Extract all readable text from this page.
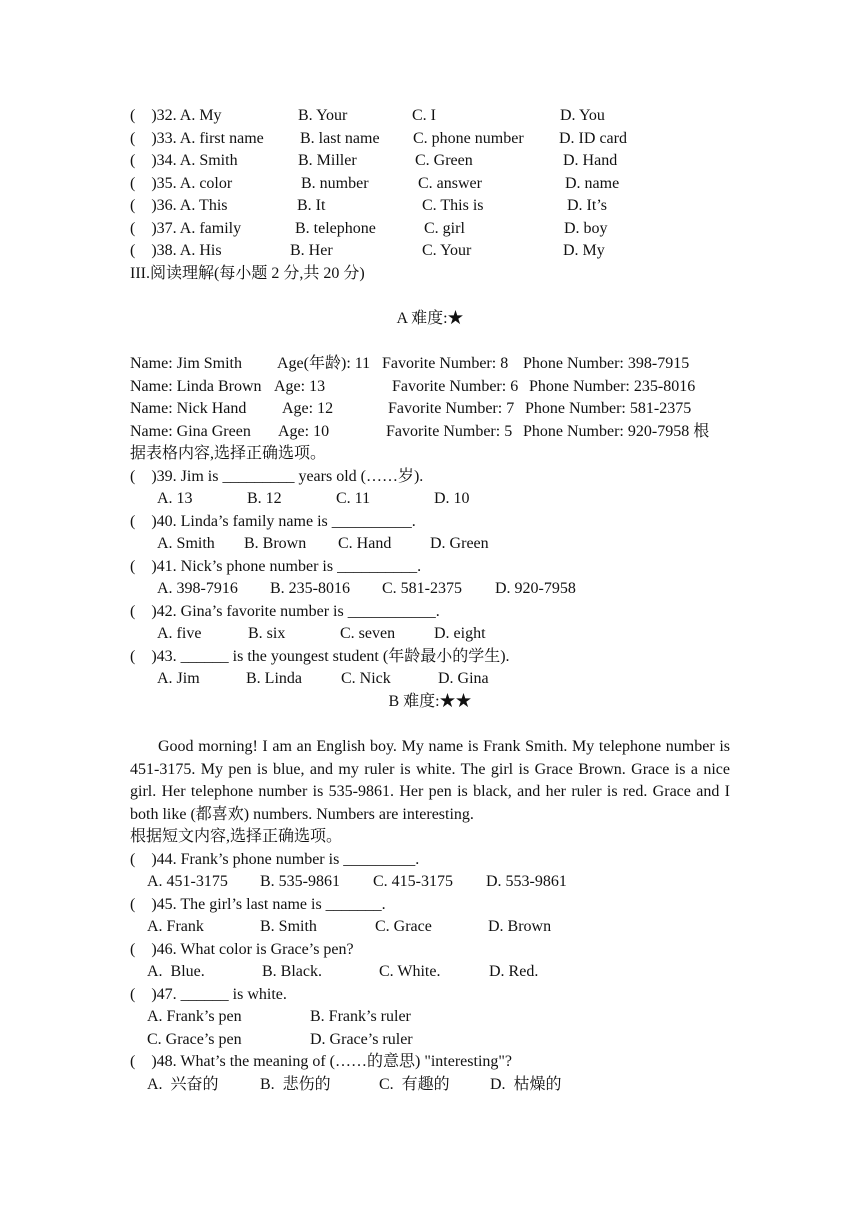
(    )32. A. My	B. Your	C. I	D. You
(    )33. A. first name B. last name C. phone number D. ID card
(    )34. A. Smith	B. Miller	C. Green	D. Hand
(    )35. A. color	B. number	C. answer	D. name
(    )36. A. This	B. It	C. This is	D. It’s
(    )37. A. family	B. telephone	C. girl	D. boy
(    )38. A. His	B. Her	C. Your	D. My
III.阅读理解(每小题 2 分,共 20 分)
A 难度:★
Name: Jim Smith Age(年龄): 11 Favorite Number: 8 Phone Number: 398-7915
Name: Linda Brown Age: 13	Favorite Number: 6 Phone Number: 235-8016
Name: Nick Hand Age: 12	Favorite Number: 7 Phone Number: 581-2375
Name: Gina Green Age: 10	Favorite Number: 5 Phone Number: 920-7958 根
据表格内容,选择正确选项。
(    )39. Jim is _________ years old (……岁).
A. 13	B. 12	C. 11	D. 10
(    )40. Linda’s family name is __________.
A. Smith B. Brown C. Hand D. Green
(    )41. Nick’s phone number is __________.
A. 398-7916 B. 235-8016 C. 581-2375 D. 920-7958
(    )42. Gina’s favorite number is ___________.
A. five	B. six	C. seven D. eight
(    )43. ______ is the youngest student (年龄最小的学生).
A. Jim	B. Linda C. Nick	D. Gina
B 难度:★★
Good morning! I am an English boy. My name is Frank Smith. My telephone number is 451-3175. My pen is blue, and my ruler is white. The girl is Grace Brown. Grace is a nice girl. Her telephone number is 535-9861. Her pen is black, and her ruler is red. Grace and I both like (都喜欢) numbers. Numbers are interesting.
根据短文内容,选择正确选项。
(    )44. Frank’s phone number is _________.
A. 451-3175 B. 535-9861 C. 415-3175 D. 553-9861
(    )45. The girl’s last name is _______.
A. Frank	B. Smith	C. Grace	D. Brown
(    )46. What color is Grace’s pen?
A.  Blue.	B. Black.	C. White.	D. Red.
(    )47. ______ is white.
A. Frank’s pen	B. Frank’s ruler
C. Grace’s pen	D. Grace’s ruler
(    )48. What’s the meaning of (……的意思) "interesting"?
A.  兴奋的	B.  悲伤的	C.  有趣的	D.  枯燥的
